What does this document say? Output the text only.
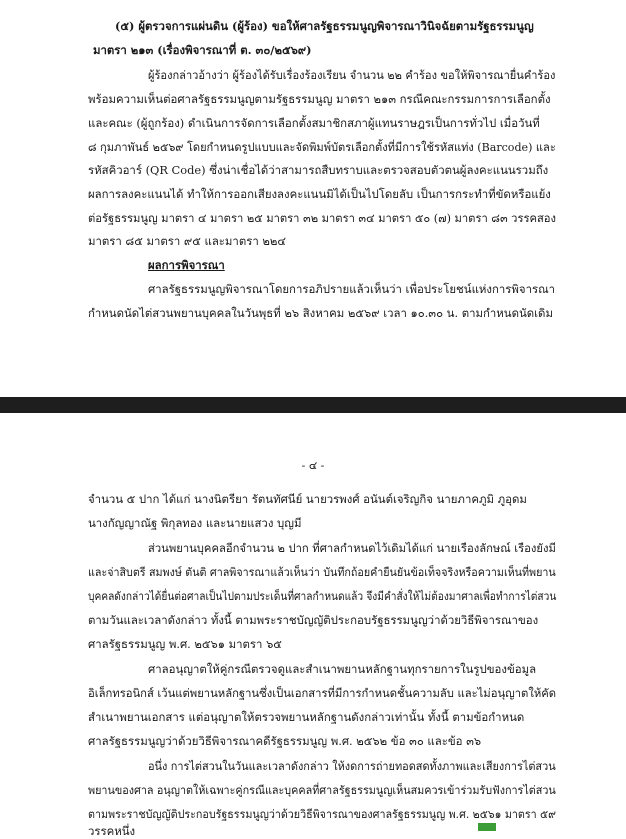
(๕) ผู้ตรวจการแผ่นดิน (ผู้ร้อง) ขอให้ศาลรัฐธรรมนูญพิจารณาวินิจฉัยตามรัฐธรรมนูญ
มาตรา ๒๑๓ (เรื่องพิจารณาที่ ต. ๓๐/๒๕๖๙)
ผู้ร้องกล่าวอ้างว่า ผู้ร้องได้รับเรื่องร้องเรียน จำนวน ๒๒ คำร้อง ขอให้พิจารณายื่นคำร้อง
พร้อมความเห็นต่อศาลรัฐธรรมนูญตามรัฐธรรมนูญ มาตรา ๒๑๓ กรณีคณะกรรมการการเลือกตั้ง
และคณะ (ผู้ถูกร้อง) ดำเนินการจัดการเลือกตั้งสมาชิกสภาผู้แทนราษฎรเป็นการทั่วไป เมื่อวันที่
๘ กุมภาพันธ์ ๒๕๖๙ โดยกำหนดรูปแบบและจัดพิมพ์บัตรเลือกตั้งที่มีการใช้รหัสแท่ง (Barcode) และ
รหัสคิวอาร์ (QR Code) ซึ่งน่าเชื่อได้ว่าสามารถสืบทราบและตรวจสอบตัวตนผู้ลงคะแนนรวมถึง
ผลการลงคะแนนได้ ทำให้การออกเสียงลงคะแนนมิได้เป็นไปโดยลับ เป็นการกระทำที่ขัดหรือแย้ง
ต่อรัฐธรรมนูญ มาตรา ๔ มาตรา ๒๕ มาตรา ๓๒ มาตรา ๓๔ มาตรา ๕๐ (๗) มาตรา ๘๓ วรรคสอง
มาตรา ๘๕ มาตรา ๙๕ และมาตรา ๒๒๔
ผลการพิจารณา
ศาลรัฐธรรมนูญพิจารณาโดยการอภิปรายแล้วเห็นว่า เพื่อประโยชน์แห่งการพิจารณา
กำหนดนัดไต่สวนพยานบุคคลในวันพุธที่ ๒๖ สิงหาคม ๒๕๖๙ เวลา ๑๐.๓๐ น. ตามกำหนดนัดเดิม
- ๔ -
จำนวน ๕ ปาก ได้แก่ นางนิตรียา รัตนทัศนีย์ นายวรพงศ์ อนันต์เจริญกิจ นายภาคภูมิ ภูอุดม
นางกัญญาณัฐ พิกุลทอง และนายแสวง บุญมี
ส่วนพยานบุคคลอีกจำนวน ๒ ปาก ที่ศาลกำหนดไว้เดิมได้แก่ นายเรืองลักษณ์ เรืองยังมี
และจ่าสิบตรี สมพงษ์ ตันติ ศาลพิจารณาแล้วเห็นว่า บันทึกถ้อยคำยืนยันข้อเท็จจริงหรือความเห็นที่พยาน
บุคคลดังกล่าวได้ยื่นต่อศาลเป็นไปตามประเด็นที่ศาลกำหนดแล้ว จึงมีคำสั่งให้ไม่ต้องมาศาลเพื่อทำการไต่สวน
ตามวันและเวลาดังกล่าว ทั้งนี้ ตามพระราชบัญญัติประกอบรัฐธรรมนูญว่าด้วยวิธีพิจารณาของ
ศาลรัฐธรรมนูญ พ.ศ. ๒๕๖๑ มาตรา ๖๕
ศาลอนุญาตให้คู่กรณีตรวจดูและสำเนาพยานหลักฐานทุกรายการในรูปของข้อมูล
อิเล็กทรอนิกส์ เว้นแต่พยานหลักฐานซึ่งเป็นเอกสารที่มีการกำหนดชั้นความลับ และไม่อนุญาตให้คัด
สำเนาพยานเอกสาร แต่อนุญาตให้ตรวจพยานหลักฐานดังกล่าวเท่านั้น ทั้งนี้ ตามข้อกำหนด
ศาลรัฐธรรมนูญว่าด้วยวิธีพิจารณาคดีรัฐธรรมนูญ พ.ศ. ๒๕๖๒ ข้อ ๓๐ และข้อ ๓๖
อนึ่ง การไต่สวนในวันและเวลาดังกล่าว ให้งดการถ่ายทอดสดทั้งภาพและเสียงการไต่สวน
พยานของศาล อนุญาตให้เฉพาะคู่กรณีและบุคคลที่ศาลรัฐธรรมนูญเห็นสมควรเข้าร่วมรับฟังการไต่สวน
ตามพระราชบัญญัติประกอบรัฐธรรมนูญว่าด้วยวิธีพิจารณาของศาลรัฐธรรมนูญ พ.ศ. ๒๕๖๑ มาตรา ๕๙
วรรคหนึ่ง
